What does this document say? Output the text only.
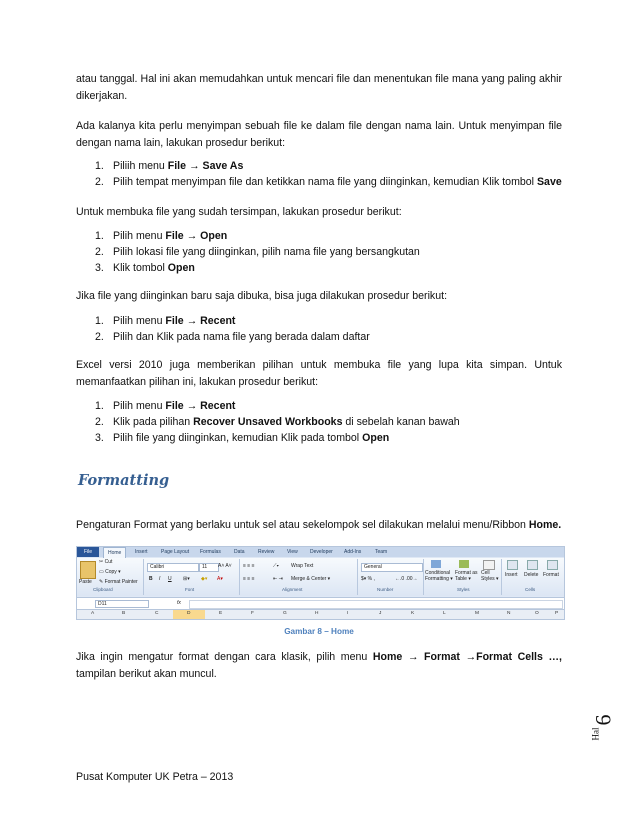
atau tanggal. Hal ini akan memudahkan untuk mencari file dan menentukan file mana yang paling akhir dikerjakan.

Ada kalanya kita perlu menyimpan sebuah file ke dalam file dengan nama lain. Untuk menyimpan file dengan nama lain, lakukan prosedur berikut:

1. Piliih menu File → Save As
2. Pilih tempat menyimpan file dan ketikkan nama file yang diinginkan, kemudian Klik tombol Save

Untuk membuka file yang sudah tersimpan, lakukan prosedur berikut:

1. Pilih menu File → Open
2. Pilih lokasi file yang diinginkan, pilih nama file yang bersangkutan
3. Klik tombol Open

Jika file yang diinginkan baru saja dibuka, bisa juga dilakukan prosedur berikut:

1. Pilih menu File → Recent
2. Pilih dan Klik pada nama file yang berada dalam daftar

Excel versi 2010 juga memberikan pilihan untuk membuka file yang lupa kita simpan. Untuk memanfaatkan pilihan ini, lakukan prosedur berikut:

1. Pilih menu File → Recent
2. Klik pada pilihan Recover Unsaved Workbooks di sebelah kanan bawah
3. Pilih file yang diinginkan, kemudian Klik pada tombol Open
Formatting

Pengaturan Format yang berlaku untuk sel atau sekelompok sel dilakukan melalui menu/Ribbon Home.

File	Home	Insert	Page Layout Formulas	Data	Review	View Developer Add-Ins	Team
Paste
✂ Cut
▭ Copy ▾
✎ Format Painter
Clipboard
Calibri	11	A˄ A˅
B I U ⊞▾ ◆▾ A▾
Font
≡ ≡ ≡	⟋▾ Wrap Text
≡ ≡ ≡	⇤ ⇥ Merge & Center ▾
Alignment
General
$▾ % ,	←.0 .00→
Number
Conditional Formatting ▾
Format as Table ▾
Cell Styles ▾
Styles
Insert Delete Format
Cells
D11	fx
A	B	C	D	E	F	G	H	I	J	K	L	M	N	O	P
Gambar 8 – Home

Jika ingin mengatur format dengan cara klasik, pilih menu Home → Format →Format Cells …, tampilan berikut akan muncul.

6
Hal
Pusat Komputer UK Petra – 2013
